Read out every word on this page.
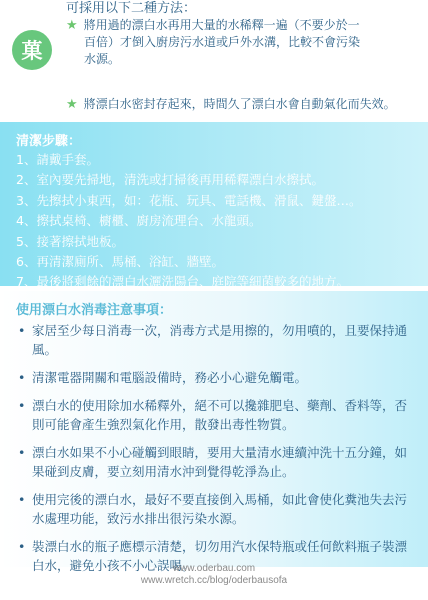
菓
可採用以下二種方法：
★ 將用過的漂白水再用大量的水稀釋一遍（不要少於一
百倍）才倒入廚房污水道或戶外水溝，比較不會污染
水源。
★ 將漂白水密封存起來，時間久了漂白水會自動氣化而失效。
清潔步驟：
1、請戴手套。
2、室內要先掃地，清洗或打掃後再用稀釋漂白水擦拭。
3、先擦拭小東西，如：花瓶、玩具、電話機、滑鼠、鍵盤…。
4、擦拭桌椅、櫥櫃、廚房流理台、水龍頭。
5、接著擦拭地板。
6、再清潔廁所、馬桶、浴缸、牆壁。
7、最後將剩餘的漂白水灑洗陽台、庭院等細菌較多的地方。
使用漂白水消毒注意事項：
• 家居至少每日消毒一次，消毒方式是用擦的，勿用噴的，且要保持通風。
• 清潔電器開關和電腦設備時，務必小心避免觸電。
• 漂白水的使用除加水稀釋外，絕不可以攙雜肥皂、藥劑、香料等，否則可能會產生強烈氣化作用，散發出毒性物質。
• 漂白水如果不小心碰觸到眼睛，要用大量清水連續沖洗十五分鐘，如果碰到皮膚，要立刻用清水沖到覺得乾淨為止。
• 使用完後的漂白水，最好不要直接倒入馬桶，如此會使化糞池失去污水處理功能，致污水排出很污染水源。
• 裝漂白水的瓶子應標示清楚，切勿用汽水保特瓶或任何飲料瓶子裝漂白水，避免小孩不小心誤喝。
www.oderbau.com
www.wretch.cc/blog/oderbausofa
